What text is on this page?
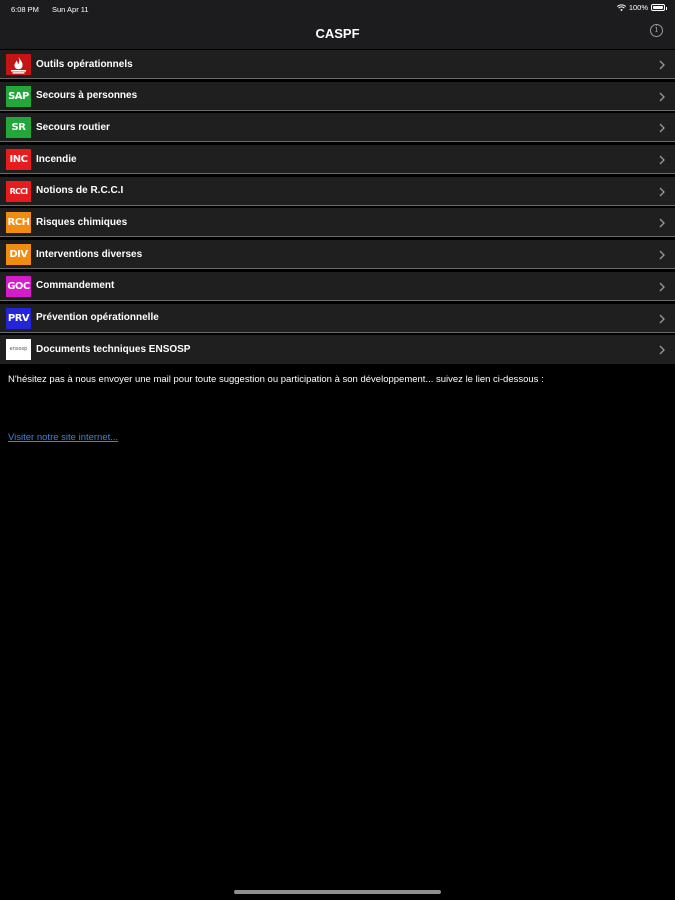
6:08 PM Sun Apr 11	100%
CASPF	i
Outils opérationnels
SAP Secours à personnes
SR	Secours routier
INC Incendie
RCCI Notions de R.C.C.I
RCH Risques chimiques
DIV Interventions diverses
GOC Commandement
PRV Prévention opérationnelle
ensosp Documents techniques ENSOSP
N'hésitez pas à nous envoyer une mail pour toute suggestion ou participation à son développement... suivez le lien ci-dessous :
Visiter notre site internet...
